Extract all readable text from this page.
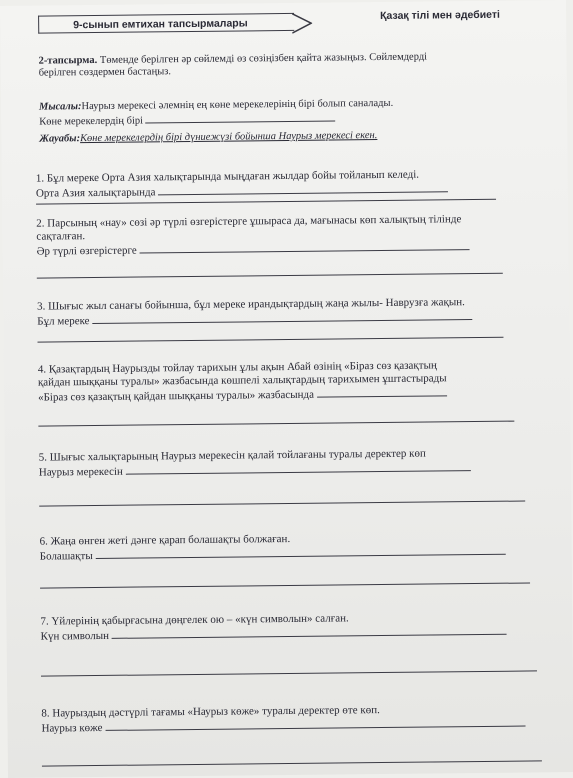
9-сынып емтихан тапсырмалары
Қазақ тілі мен әдебиеті
2-тапсырма. Төменде берілген әр сөйлемді өз сөзіңізбен қайта жазыңыз. Сөйлемдерді
берілген сөздермен бастаңыз.
Мысалы:Наурыз мерекесі әлемнің ең көне мерекелерінің бірі болып саналады.
Көне мерекелердің бірі
Жауабы:Көне мерекелердің бірі дүниежүзі бойынша Наурыз мерекесі екен.
1. Бұл мереке Орта Азия халықтарында мыңдаған жылдар бойы тойланып келеді.
Орта Азия халықтарында
2. Парсының «нау» сөзі әр түрлі өзгерістерге ұшыраса да, мағынасы көп халықтың тілінде
сақталған.
Әр түрлі өзгерістерге
3. Шығыс жыл санағы бойынша, бұл мереке ирандықтардың жаңа жылы- Наврузға жақын.
Бұл мереке
4. Қазақтардың Наурызды тойлау тарихын ұлы ақын Абай өзінің «Біраз сөз қазақтың
қайдан шыққаны туралы» жазбасында көшпелі халықтардың тарихымен ұштастырады
«Біраз сөз қазақтың қайдан шыққаны туралы» жазбасында
5. Шығыс халықтарының Наурыз мерекесін қалай тойлағаны туралы деректер көп
Наурыз мерекесін
6. Жаңа өнген жеті дәнге қарап болашақты болжаған.
Болашақты
7. Үйлерінің қабырғасына дөңгелек ою – «күн символын» салған.
Күн символын
8. Наурыздың дәстүрлі тағамы «Наурыз көже» туралы деректер өте көп.
Наурыз көже
